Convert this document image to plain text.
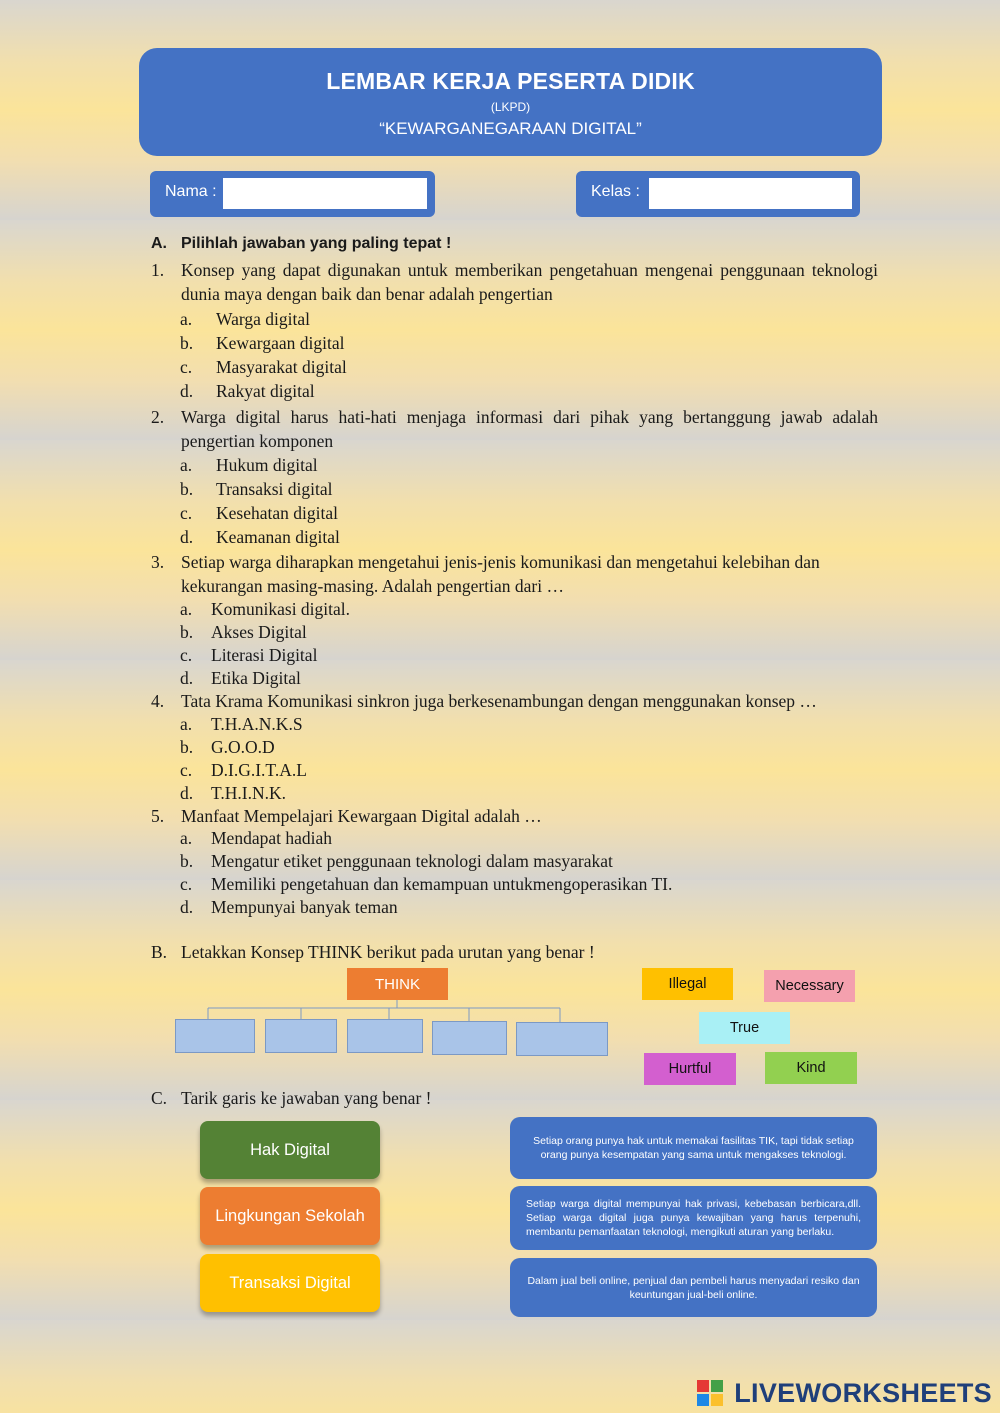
LEMBAR KERJA PESERTA DIDIK
(LKPD)
“KEWARGANEGARAAN DIGITAL”
Nama :	Kelas :
A. Pilihlah jawaban yang paling tepat !
1. Konsep yang dapat digunakan untuk memberikan pengetahuan mengenai penggunaan teknologi dunia maya dengan baik dan benar adalah pengertian
a. Warga digital
b. Kewargaan digital
c. Masyarakat digital
d. Rakyat digital
2. Warga digital harus hati-hati menjaga informasi dari pihak yang bertanggung jawab adalah pengertian komponen
a. Hukum digital
b. Transaksi digital
c. Kesehatan digital
d. Keamanan digital
3. Setiap warga diharapkan mengetahui jenis-jenis komunikasi dan mengetahui kelebihan dan kekurangan masing-masing. Adalah pengertian dari …
a. Komunikasi digital.
b. Akses Digital
c. Literasi Digital
d. Etika Digital
4. Tata Krama Komunikasi sinkron juga berkesenambungan dengan menggunakan konsep …
a. T.H.A.N.K.S
b. G.O.O.D
c. D.I.G.I.T.A.L
d. T.H.I.N.K.
5. Manfaat Mempelajari Kewargaan Digital adalah …
a. Mendapat hadiah
b. Mengatur etiket penggunaan teknologi dalam masyarakat
c. Memiliki pengetahuan dan kemampuan untukmengoperasikan TI.
d. Mempunyai banyak teman
B. Letakkan Konsep THINK berikut pada urutan yang benar !
THINK	Illegal	Necessary
True
Hurtful	Kind
C. Tarik garis ke jawaban yang benar !
Hak Digital
Lingkungan Sekolah
Transaksi Digital
Setiap orang punya hak untuk memakai fasilitas TIK, tapi tidak setiap orang punya kesempatan yang sama untuk mengakses teknologi.
Setiap warga digital mempunyai hak privasi, kebebasan berbicara,dll. Setiap warga digital juga punya kewajiban yang harus terpenuhi, membantu pemanfaatan teknologi, mengikuti aturan yang berlaku.
Dalam jual beli online, penjual dan pembeli harus menyadari resiko dan keuntungan jual-beli online.
LIVEWORKSHEETS
